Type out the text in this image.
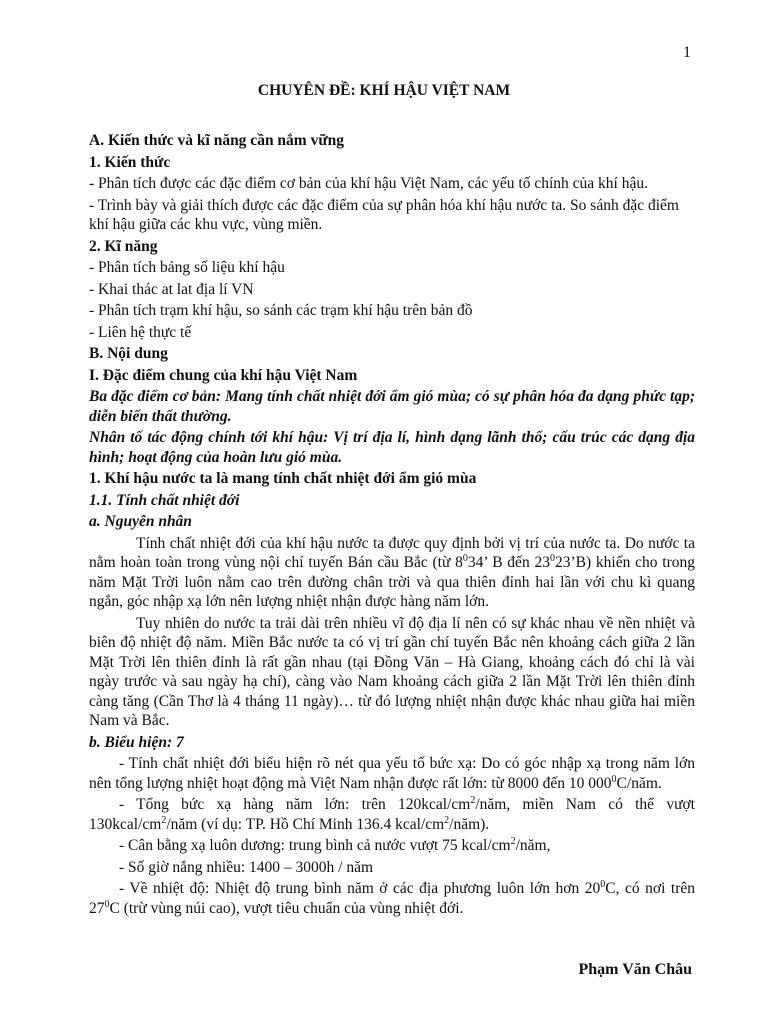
1
CHUYÊN ĐỀ: KHÍ HẬU VIỆT NAM

A. Kiến thức và kĩ năng cần nắm vững

1. Kiến thức

- Phân tích được các đặc điểm cơ bản của khí hậu Việt Nam, các yếu tố chính của khí hậu.

- Trình bày và giải thích được các đặc điểm của sự phân hóa khí hậu nước ta. So sánh đặc điểm khí hậu giữa các khu vực, vùng miền.

2. Kĩ năng

- Phân tích bảng số liệu khí hậu

- Khai thác at lat địa lí VN

- Phân tích trạm khí hậu, so sánh các trạm khí hậu trên bản đồ

- Liên hệ thực tế

B. Nội dung

I. Đặc điểm chung của khí hậu Việt Nam

Ba đặc điểm cơ bản: Mang tính chất nhiệt đới ẩm gió mùa; có sự phân hóa đa dạng phức tạp; diễn biến thất thường.

Nhân tố tác động chính tới khí hậu: Vị trí địa lí, hình dạng lãnh thổ; cấu trúc các dạng địa hình; hoạt động của hoàn lưu gió mùa.

1. Khí hậu nước ta là mang tính chất nhiệt đới ẩm gió mùa

1.1. Tính chất nhiệt đới

a. Nguyên nhân

Tính chất nhiệt đới của khí hậu nước ta được quy định bởi vị trí của nước ta. Do nước ta nằm hoàn toàn trong vùng nội chí tuyến Bán cầu Bắc (từ $8^034$’ B đến $23^023’B$) khiến cho trong năm Mặt Trời luôn nằm cao trên đường chân trời và qua thiên đỉnh hai lần với chu kì quang ngắn, góc nhập xạ lớn nên lượng nhiệt nhận được hàng năm lớn.

Tuy nhiên do nước ta trải dài trên nhiều vĩ độ địa lí nên có sự khác nhau về nền nhiệt và biên độ nhiệt độ năm. Miền Bắc nước ta có vị trí gần chí tuyến Bắc nên khoảng cách giữa 2 lần Mặt Trời lên thiên đỉnh là rất gần nhau (tại Đồng Văn – Hà Giang, khoảng cách đó chỉ là vài ngày trước và sau ngày hạ chí), càng vào Nam khoảng cách giữa 2 lần Mặt Trời lên thiên đỉnh càng tăng (Cần Thơ là 4 tháng 11 ngày)… từ đó lượng nhiệt nhận được khác nhau giữa hai miền Nam và Bắc.

b. Biểu hiện: 7

- Tính chất nhiệt đới biểu hiện rõ nét qua yếu tố bức xạ: Do có góc nhập xạ trong năm lớn nên tổng lượng nhiệt hoạt động mà Việt Nam nhận được rất lớn: từ 8000 đến 10 $000^0C$/năm.

- Tổng bức xạ hàng năm lớn: trên $120kcal/cm^2$/năm, miền Nam có thể vượt $130kcal/cm^2$/năm (ví dụ: TP. Hồ Chí Minh 136.4 kcal/$cm^2/năm$).

- Cân bằng xạ luôn dương: trung bình cả nước vượt 75 kcal/$cm^2$/năm,

- Số giờ nắng nhiều: 1400 – 3000h / năm

- Về nhiệt độ: Nhiệt độ trung bình năm ở các địa phương luôn lớn hơn $20^0C$, có nơi trên $27^0C$ (trừ vùng núi cao), vượt tiêu chuẩn của vùng nhiệt đới.

Phạm Văn Châu
